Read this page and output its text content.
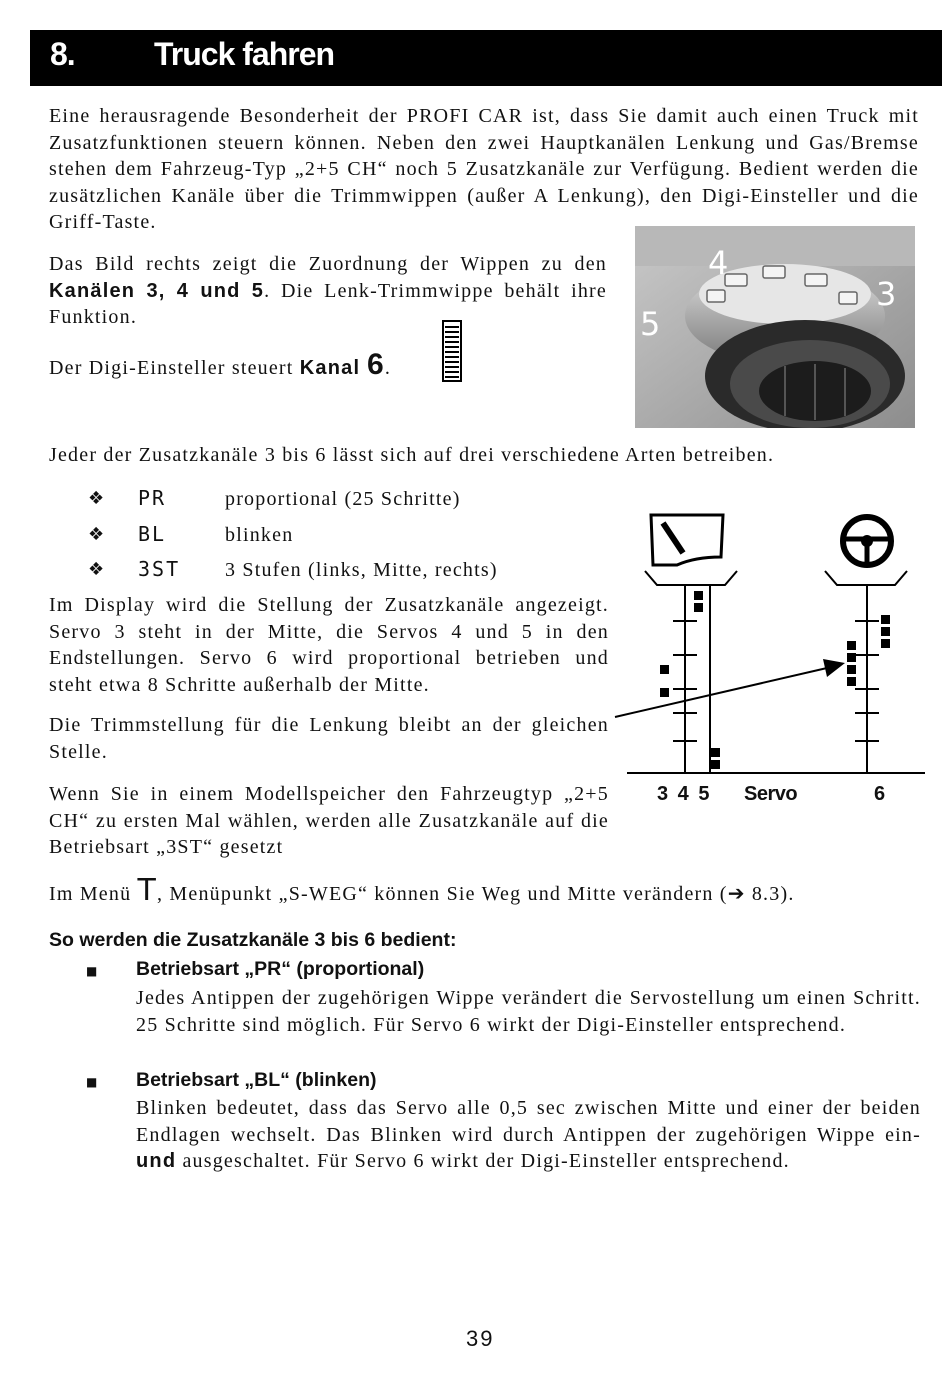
8. Truck fahren

Eine herausragende Besonderheit der PROFI CAR ist, dass Sie damit auch einen Truck mit Zusatzfunktionen steuern können. Neben den zwei Hauptkanälen Lenkung und Gas/Bremse stehen dem Fahrzeug-Typ „2+5 CH“ noch 5 Zusatzkanäle zur Verfügung. Bedient werden die zusätzlichen Kanäle über die Trimmwippen (außer A Lenkung), den Digi-Einsteller und die Griff-Taste.

Das Bild rechts zeigt die Zuordnung der Wippen zu den Kanälen 3, 4 und 5. Die Lenk-Trimmwippe behält ihre Funktion.

Der Digi-Einsteller steuert Kanal 6.

4
3
5

Jeder der Zusatzkanäle 3 bis 6 lässt sich auf drei verschiedene Arten betreiben.

❖ PR	proportional (25 Schritte)
❖ BL	blinken
❖ 3ST 3 Stufen (links, Mitte, rechts)

Im Display wird die Stellung der Zusatzkanäle angezeigt. Servo 3 steht in der Mitte, die Servos 4 und 5 in den Endstellungen. Servo 6 wird proportional betrieben und steht etwa 8 Schritte außerhalb der Mitte.

Die Trimmstellung für die Lenkung bleibt an der gleichen Stelle.

Wenn Sie in einem Modellspeicher den Fahrzeugtyp „2+5 CH“ zu ersten Mal wählen, werden alle Zusatzkanäle auf die Betriebsart „3ST“ gesetzt

3 4 5 Servo	6

Im Menü T, Menüpunkt „S-WEG“ können Sie Weg und Mitte verändern (➔ 8.3).

So werden die Zusatzkanäle 3 bis 6 bedient:
■ Betriebsart „PR“ (proportional)

Jedes Antippen der zugehörigen Wippe verändert die Servostellung um einen Schritt. 25 Schritte sind möglich. Für Servo 6 wirkt der Digi-Einsteller entsprechend.

■ Betriebsart „BL“ (blinken)

Blinken bedeutet, dass das Servo alle 0,5 sec zwischen Mitte und einer der beiden Endlagen wechselt. Das Blinken wird durch Antippen der zugehörigen Wippe ein- und ausgeschaltet. Für Servo 6 wirkt der Digi-Einsteller entsprechend.

39
